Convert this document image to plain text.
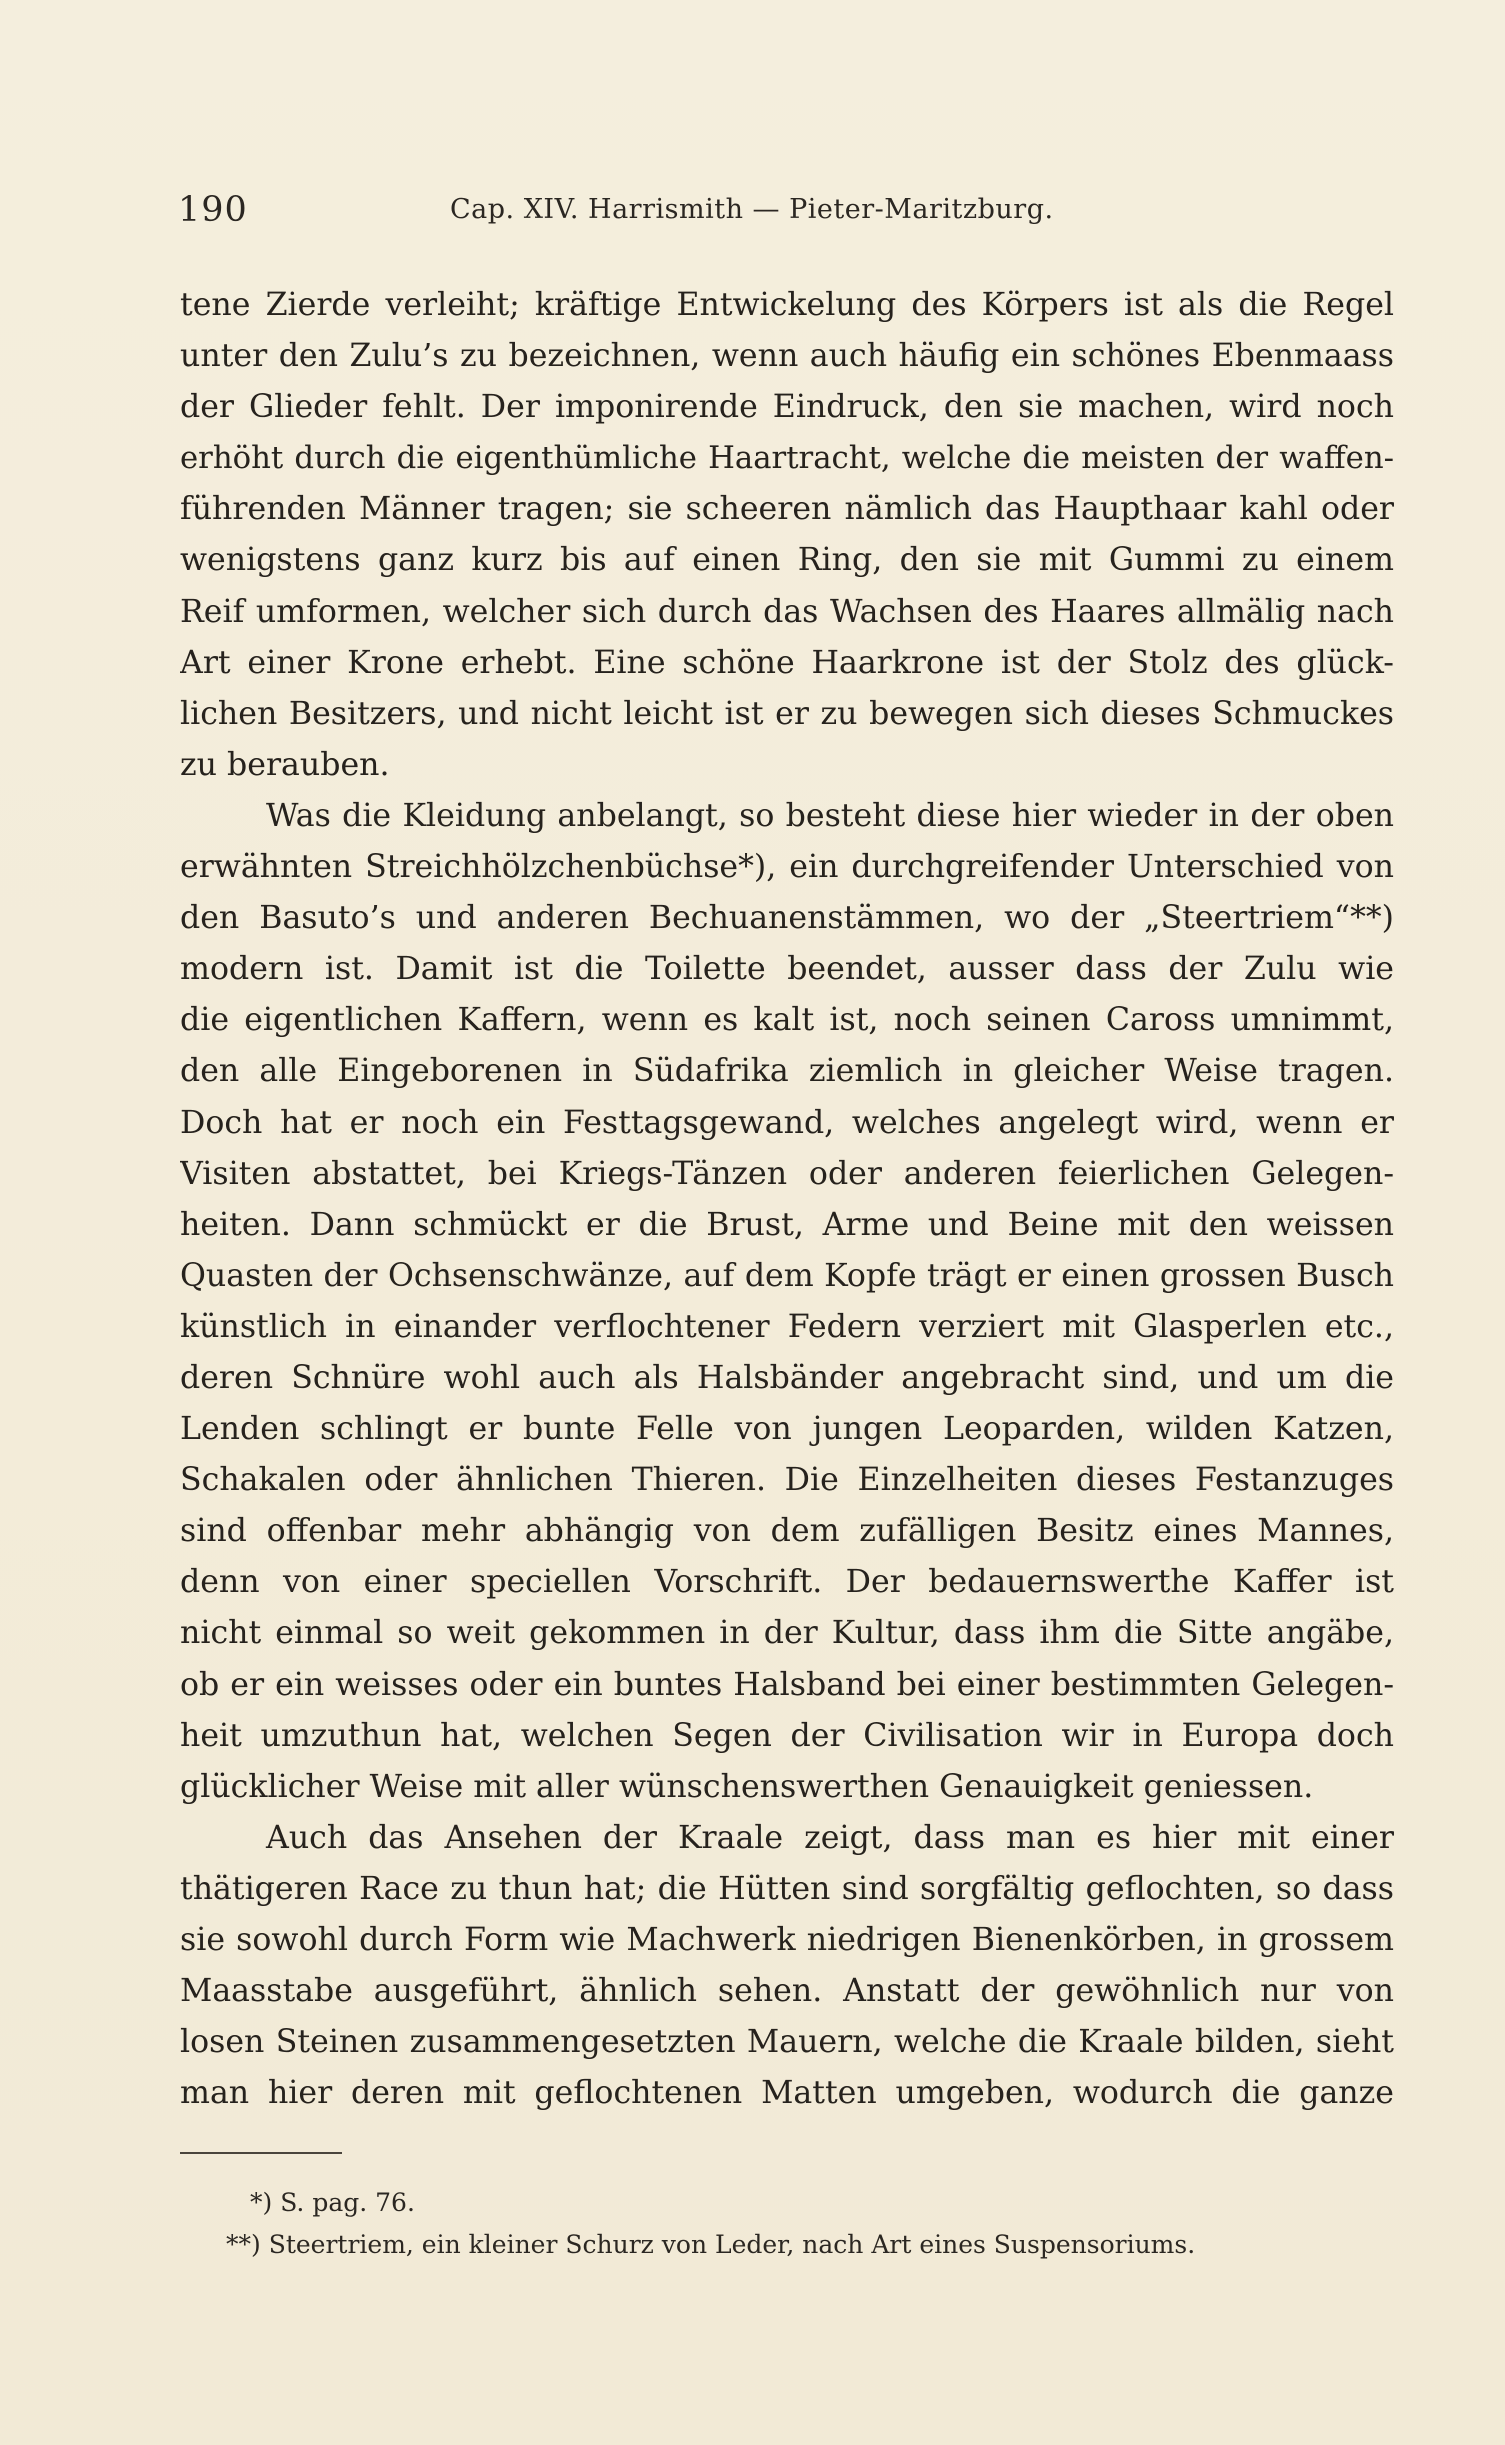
190	Cap. XIV. Harrismith — Pieter-Maritzburg.
tene Zierde verleiht; kräftige Entwickelung des Körpers ist als die Regel
unter den Zulu’s zu bezeichnen, wenn auch häufig ein schönes Ebenmaass
der Glieder fehlt. Der imponirende Eindruck, den sie machen, wird noch
erhöht durch die eigenthümliche Haartracht, welche die meisten der waffen-
führenden Männer tragen; sie scheeren nämlich das Haupthaar kahl oder
wenigstens ganz kurz bis auf einen Ring, den sie mit Gummi zu einem
Reif umformen, welcher sich durch das Wachsen des Haares allmälig nach
Art einer Krone erhebt. Eine schöne Haarkrone ist der Stolz des glück-
lichen Besitzers, und nicht leicht ist er zu bewegen sich dieses Schmuckes
zu berauben.
Was die Kleidung anbelangt, so besteht diese hier wieder in der oben
erwähnten Streichhölzchenbüchse*), ein durchgreifender Unterschied von
den Basuto’s und anderen Bechuanenstämmen, wo der „Steertriem“**)
modern ist. Damit ist die Toilette beendet, ausser dass der Zulu wie
die eigentlichen Kaffern, wenn es kalt ist, noch seinen Caross umnimmt,
den alle Eingeborenen in Südafrika ziemlich in gleicher Weise tragen.
Doch hat er noch ein Festtagsgewand, welches angelegt wird, wenn er
Visiten abstattet, bei Kriegs-Tänzen oder anderen feierlichen Gelegen-
heiten. Dann schmückt er die Brust, Arme und Beine mit den weissen
Quasten der Ochsenschwänze, auf dem Kopfe trägt er einen grossen Busch
künstlich in einander verflochtener Federn verziert mit Glasperlen etc.,
deren Schnüre wohl auch als Halsbänder angebracht sind, und um die
Lenden schlingt er bunte Felle von jungen Leoparden, wilden Katzen,
Schakalen oder ähnlichen Thieren. Die Einzelheiten dieses Festanzuges
sind offenbar mehr abhängig von dem zufälligen Besitz eines Mannes,
denn von einer speciellen Vorschrift. Der bedauernswerthe Kaffer ist
nicht einmal so weit gekommen in der Kultur, dass ihm die Sitte angäbe,
ob er ein weisses oder ein buntes Halsband bei einer bestimmten Gelegen-
heit umzuthun hat, welchen Segen der Civilisation wir in Europa doch
glücklicher Weise mit aller wünschenswerthen Genauigkeit geniessen.
Auch das Ansehen der Kraale zeigt, dass man es hier mit einer
thätigeren Race zu thun hat; die Hütten sind sorgfältig geflochten, so dass
sie sowohl durch Form wie Machwerk niedrigen Bienenkörben, in grossem
Maasstabe ausgeführt, ähnlich sehen. Anstatt der gewöhnlich nur von
losen Steinen zusammengesetzten Mauern, welche die Kraale bilden, sieht
man hier deren mit geflochtenen Matten umgeben, wodurch die ganze
*) S. pag. 76.
**) Steertriem, ein kleiner Schurz von Leder, nach Art eines Suspensoriums.
